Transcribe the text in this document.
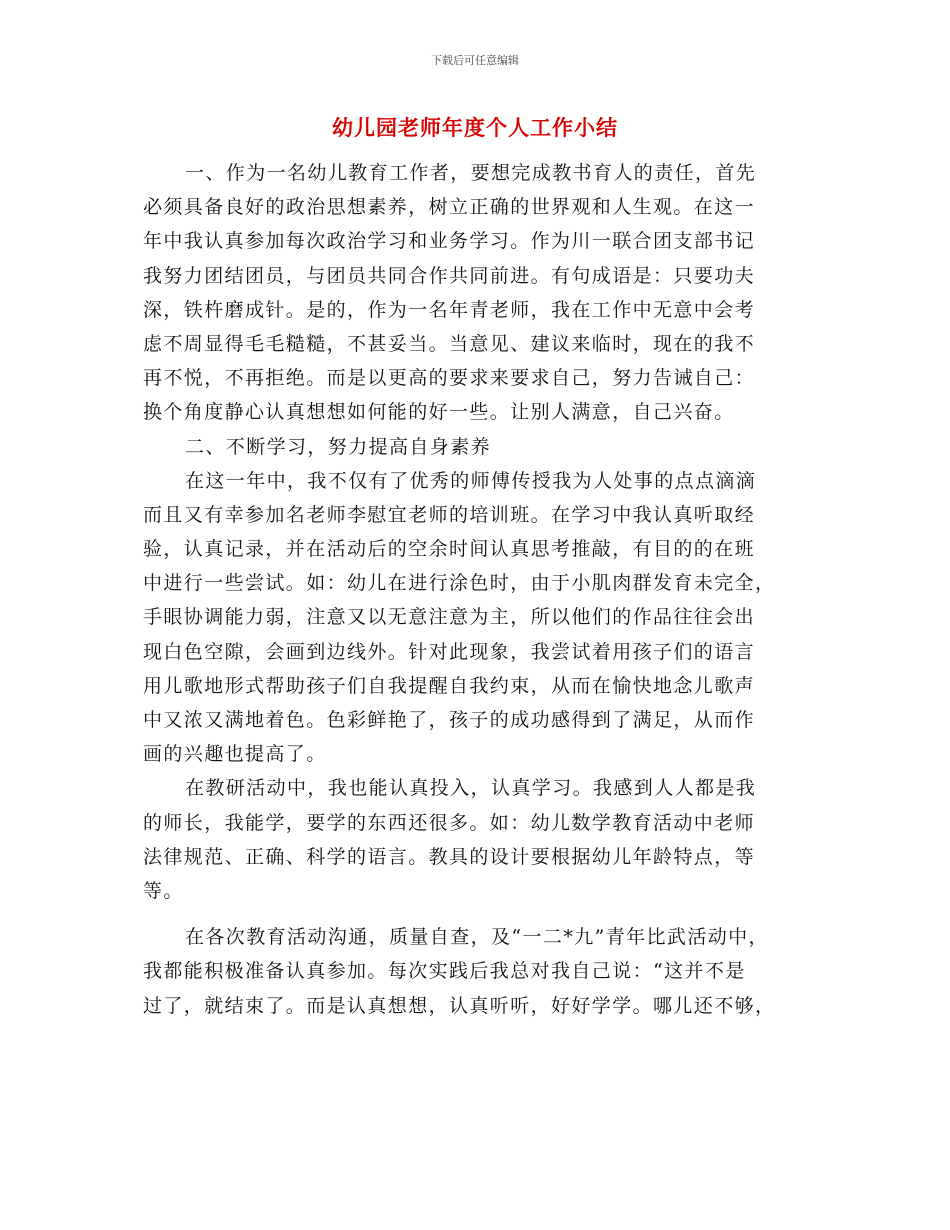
下载后可任意编辑
幼儿园老师年度个人工作小结
一、作为一名幼儿教育工作者，要想完成教书育人的责任，首先
必须具备良好的政治思想素养，树立正确的世界观和人生观。在这一
年中我认真参加每次政治学习和业务学习。作为川一联合团支部书记
我努力团结团员，与团员共同合作共同前进。有句成语是：只要功夫
深，铁杵磨成针。是的，作为一名年青老师，我在工作中无意中会考
虑不周显得毛毛糙糙，不甚妥当。当意见、建议来临时，现在的我不
再不悦，不再拒绝。而是以更高的要求来要求自己，努力告诫自己：
换个角度静心认真想想如何能的好一些。让别人满意，自己兴奋。
二、不断学习，努力提高自身素养
在这一年中，我不仅有了优秀的师傅传授我为人处事的点点滴滴
而且又有幸参加名老师李慰宜老师的培训班。在学习中我认真听取经
验，认真记录，并在活动后的空余时间认真思考推敲，有目的的在班
中进行一些尝试。如：幼儿在进行涂色时，由于小肌肉群发育未完全，
手眼协调能力弱，注意又以无意注意为主，所以他们的作品往往会出
现白色空隙，会画到边线外。针对此现象，我尝试着用孩子们的语言
用儿歌地形式帮助孩子们自我提醒自我约束，从而在愉快地念儿歌声
中又浓又满地着色。色彩鲜艳了，孩子的成功感得到了满足，从而作
画的兴趣也提高了。
在教研活动中，我也能认真投入，认真学习。我感到人人都是我
的师长，我能学，要学的东西还很多。如：幼儿数学教育活动中老师
法律规范、正确、科学的语言。教具的设计要根据幼儿年龄特点，等
等。
在各次教育活动沟通，质量自查，及“一二*九”青年比武活动中，
我都能积极准备认真参加。每次实践后我总对我自己说：“这并不是
过了，就结束了。而是认真想想，认真听听，好好学学。哪儿还不够，
